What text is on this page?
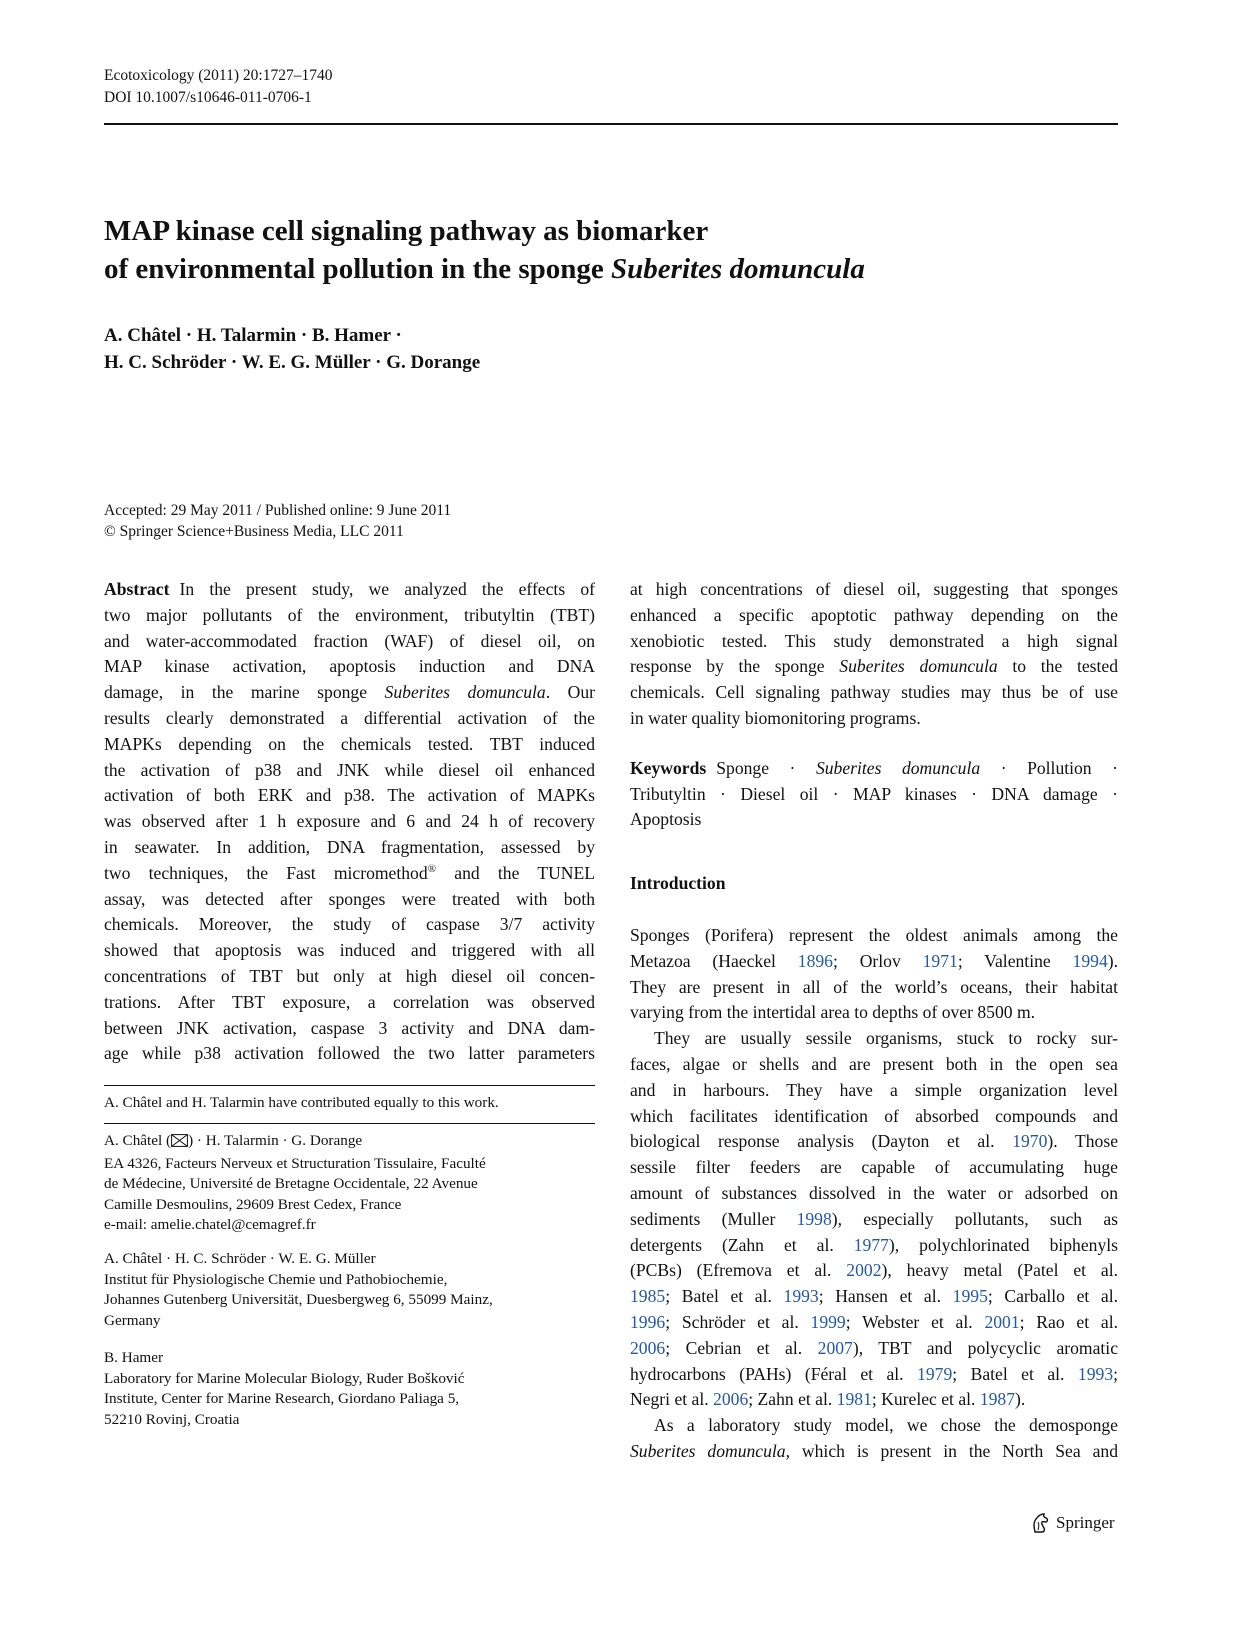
Ecotoxicology (2011) 20:1727–1740
DOI 10.1007/s10646-011-0706-1
MAP kinase cell signaling pathway as biomarker
of environmental pollution in the sponge Suberites domuncula
A. Châtel · H. Talarmin · B. Hamer ·
H. C. Schröder · W. E. G. Müller · G. Dorange
Accepted: 29 May 2011 / Published online: 9 June 2011
© Springer Science+Business Media, LLC 2011
Abstract In the present study, we analyzed the effects of
two major pollutants of the environment, tributyltin (TBT)
and water-accommodated fraction (WAF) of diesel oil, on
MAP kinase activation, apoptosis induction and DNA
damage, in the marine sponge Suberites domuncula. Our
results clearly demonstrated a differential activation of the
MAPKs depending on the chemicals tested. TBT induced
the activation of p38 and JNK while diesel oil enhanced
activation of both ERK and p38. The activation of MAPKs
was observed after 1 h exposure and 6 and 24 h of recovery
in seawater. In addition, DNA fragmentation, assessed by
two techniques, the Fast micromethod® and the TUNEL
assay, was detected after sponges were treated with both
chemicals. Moreover, the study of caspase 3/7 activity
showed that apoptosis was induced and triggered with all
concentrations of TBT but only at high diesel oil concen-
trations. After TBT exposure, a correlation was observed
between JNK activation, caspase 3 activity and DNA dam-
age while p38 activation followed the two latter parameters
A. Châtel and H. Talarmin have contributed equally to this work.
A. Châtel ( ) · H. Talarmin · G. Dorange
EA 4326, Facteurs Nerveux et Structuration Tissulaire, Faculté
de Médecine, Université de Bretagne Occidentale, 22 Avenue
Camille Desmoulins, 29609 Brest Cedex, France
e-mail: amelie.chatel@cemagref.fr
A. Châtel · H. C. Schröder · W. E. G. Müller
Institut für Physiologische Chemie und Pathobiochemie,
Johannes Gutenberg Universität, Duesbergweg 6, 55099 Mainz,
Germany
B. Hamer
Laboratory for Marine Molecular Biology, Ruder Bošković
Institute, Center for Marine Research, Giordano Paliaga 5,
52210 Rovinj, Croatia
at high concentrations of diesel oil, suggesting that sponges
enhanced a specific apoptotic pathway depending on the
xenobiotic tested. This study demonstrated a high signal
response by the sponge Suberites domuncula to the tested
chemicals. Cell signaling pathway studies may thus be of use
in water quality biomonitoring programs.
Keywords Sponge · Suberites domuncula · Pollution ·
Tributyltin · Diesel oil · MAP kinases · DNA damage ·
Apoptosis
Introduction
Sponges (Porifera) represent the oldest animals among the
Metazoa (Haeckel 1896; Orlov 1971; Valentine 1994).
They are present in all of the world’s oceans, their habitat
varying from the intertidal area to depths of over 8500 m.
They are usually sessile organisms, stuck to rocky sur-
faces, algae or shells and are present both in the open sea
and in harbours. They have a simple organization level
which facilitates identification of absorbed compounds and
biological response analysis (Dayton et al. 1970). Those
sessile filter feeders are capable of accumulating huge
amount of substances dissolved in the water or adsorbed on
sediments (Muller 1998), especially pollutants, such as
detergents (Zahn et al. 1977), polychlorinated biphenyls
(PCBs) (Efremova et al. 2002), heavy metal (Patel et al.
1985; Batel et al. 1993; Hansen et al. 1995; Carballo et al.
1996; Schröder et al. 1999; Webster et al. 2001; Rao et al.
2006; Cebrian et al. 2007), TBT and polycyclic aromatic
hydrocarbons (PAHs) (Féral et al. 1979; Batel et al. 1993;
Negri et al. 2006; Zahn et al. 1981; Kurelec et al. 1987).
As a laboratory study model, we chose the demosponge
Suberites domuncula, which is present in the North Sea and
Springer
